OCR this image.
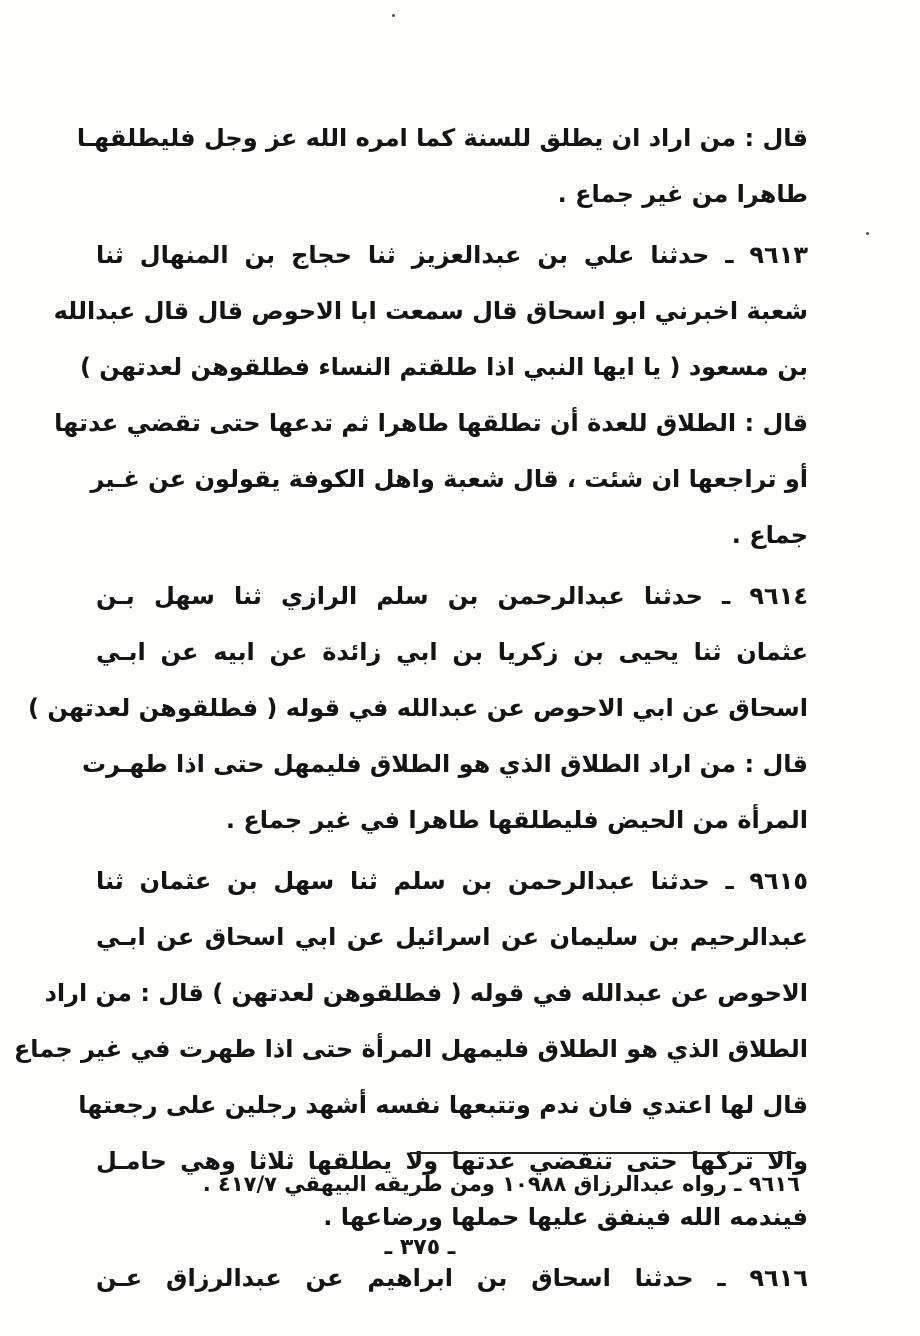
قال : من اراد ان يطلق للسنة كما امره الله عز وجل فليطلقهـا
طاهرا من غير جماع .
٩٦١٣ ـ حدثنا علي بن عبدالعزيز ثنا حجاج بن المنهال ثنا
شعبة اخبرني ابو اسحاق قال سمعت ابا الاحوص قال قال عبدالله
بن مسعود ( يا ايها النبي اذا طلقتم النساء فطلقوهن لعدتهن )
قال : الطلاق للعدة أن تطلقها طاهرا ثم تدعها حتى تقضي عدتها
أو تراجعها ان شئت ، قال شعبة واهل الكوفة يقولون عن غـير
جماع .
٩٦١٤ ـ حدثنا عبدالرحمن بن سلم الرازي ثنا سهل بـن
عثمان ثنا يحيى بن زكريا بن ابي زائدة عن ابيه عن ابـي
اسحاق عن ابي الاحوص عن عبدالله في قوله ( فطلقوهن لعدتهن )
قال : من اراد الطلاق الذي هو الطلاق فليمهل حتى اذا طهـرت
المرأة من الحيض فليطلقها طاهرا في غير جماع .
٩٦١٥ ـ حدثنا عبدالرحمن بن سلم ثنا سهل بن عثمان ثنا
عبدالرحيم بن سليمان عن اسرائيل عن ابي اسحاق عن ابـي
الاحوص عن عبدالله في قوله ( فطلقوهن لعدتهن ) قال : من اراد
الطلاق الذي هو الطلاق فليمهل المرأة حتى اذا طهرت في غير جماع
قال لها اعتدي فان ندم وتتبعها نفسه أشهد رجلين على رجعتها
والا تركها حتى تنقضي عدتها ولا يطلقها ثلاثا وهي حامـل
فيندمه الله فينفق عليها حملها ورضاعها .
٩٦١٦ ـ حدثنا اسحاق بن ابراهيم عن عبدالرزاق عـن
٩٦١٦ ـ رواه عبدالرزاق ١٠٩٨٨ ومن طريقه البيهقي ٤١٧/٧ .
ـ ٣٧٥ ـ
